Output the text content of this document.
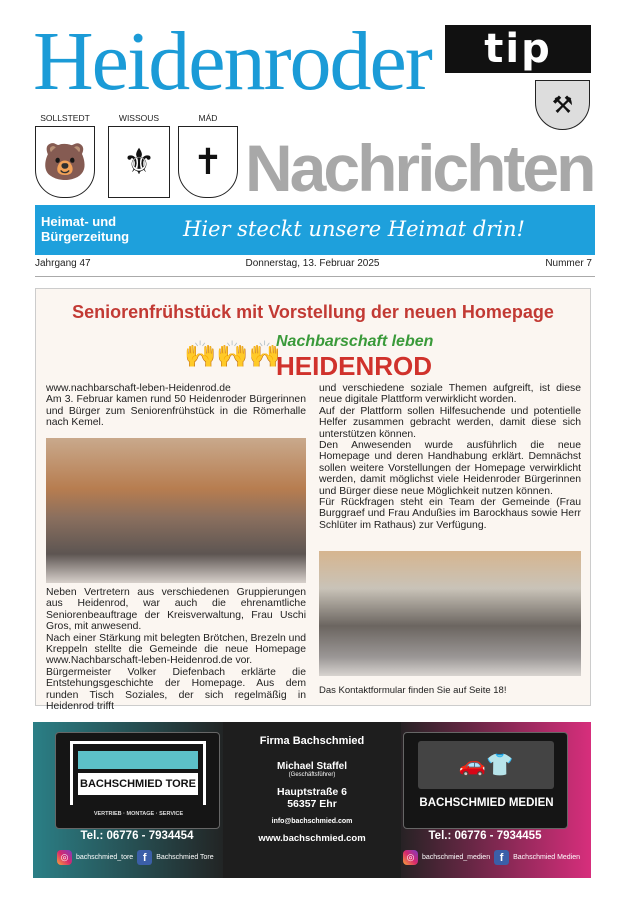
Heidenroder	tip
⚒
SOLLSTEDT	WISSOUS	MÁD
🐻 ⚜	✝ Nachrichten
Heimat- und
Bürgerzeitung	Hier steckt unsere Heimat drin!
Jahrgang 47	Donnerstag, 13. Februar 2025	Nummer 7
Seniorenfrühstück mit Vorstellung der neuen Homepage
🙌🙌🙌
Nachbarschaft leben
HEIDENROD
www.nachbarschaft-leben-Heidenrod.de
Am 3. Februar kamen rund 50 Heidenroder Bürgerinnen und Bürger zum Seniorenfrühstück in die Römerhalle nach Kemel.
Neben Vertretern aus verschiedenen Gruppierungen aus Heidenrod, war auch die ehrenamtliche Seniorenbeauftrage der Kreisverwaltung, Frau Uschi Gros, mit anwesend.
Nach einer Stärkung mit belegten Brötchen, Brezeln und Kreppeln stellte die Gemeinde die neue Homepage www.Nachbarschaft-leben-Heidenrod.de vor.
Bürgermeister Volker Diefenbach erklärte die Entstehungsgeschichte der Homepage. Aus dem runden Tisch Soziales, der sich regelmäßig in Heidenrod trifft
und verschiedene soziale Themen aufgreift, ist diese neue digitale Plattform verwirklicht worden.
Auf der Plattform sollen Hilfesuchende und potentielle Helfer zusammen gebracht werden, damit diese sich unterstützen können.
Den Anwesenden wurde ausführlich die neue Homepage und deren Handhabung erklärt. Demnächst sollen weitere Vorstellungen der Homepage verwirklicht werden, damit möglichst viele Heidenroder Bürgerinnen und Bürger diese neue Möglichkeit nutzen können.
Für Rückfragen steht ein Team der Gemeinde (Frau Burggraef und Frau Andußies im Barockhaus sowie Herr Schlüter im Rathaus) zur Verfügung.
Das Kontaktformular finden Sie auf Seite 18!
BACHSCHMIED TORE
VERTRIEB · MONTAGE · SERVICE
Tel.: 06776 - 7934454
◎	bachschmied_tore f	Bachschmied Tore
Firma Bachschmied
Michael Staffel
(Geschäftsführer)
Hauptstraße 6
56357 Ehr
info@bachschmied.com
www.bachschmied.com
🚗👕
BACHSCHMIED MEDIEN
Tel.: 06776 - 7934455
◎	bachschmied_medien f	Bachschmied Medien
